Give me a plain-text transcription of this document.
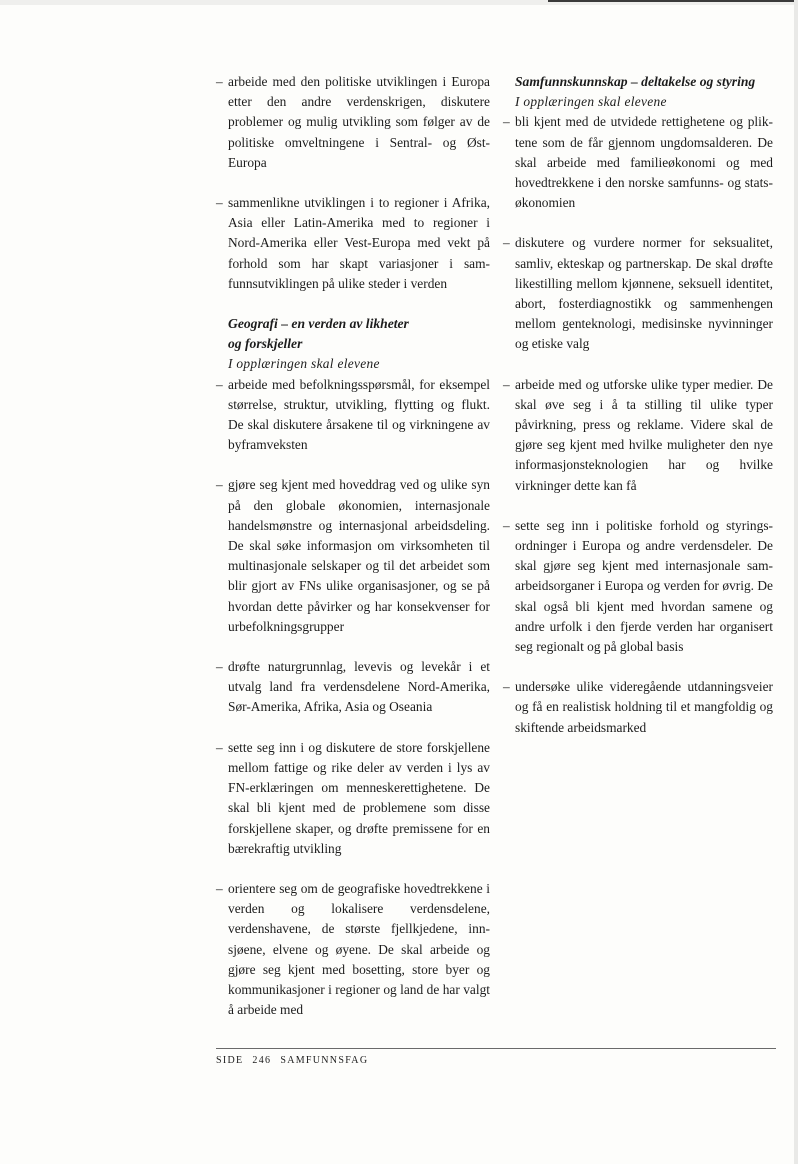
– arbeide med den politiske utviklingen i Europa etter den andre verdenskrigen, diskutere problemer og mulig utvikling som følger av de politiske omveltningene i Sentral- og Øst-Europa

– sammenlikne utviklingen i to regioner i Afrika, Asia eller Latin-Amerika med to regioner i Nord-Amerika eller Vest-Europa med vekt på forhold som har skapt variasjoner i samfunnsutviklingen på ulike steder i verden

Geografi – en verden av likheter
og forskjeller

I opplæringen skal elevene

– arbeide med befolkningsspørsmål, for eksempel størrelse, struktur, utvikling, flytting og flukt. De skal diskutere årsakene til og virkningene av byframveksten

– gjøre seg kjent med hoveddrag ved og ulike syn på den globale økonomien, internasjonale handelsmønstre og internasjonal arbeidsdeling. De skal søke informasjon om virksomheten til multinasjonale selskaper og til det arbeidet som blir gjort av FNs ulike organisasjoner, og se på hvordan dette påvirker og har konsekvenser for urbefolkningsgrupper

– drøfte naturgrunnlag, levevis og levekår i et utvalg land fra verdensdelene Nord-Amerika, Sør-Amerika, Afrika, Asia og Oseania

– sette seg inn i og diskutere de store forskjellene mellom fattige og rike deler av verden i lys av FN-erklæringen om menneskerettighetene. De skal bli kjent med de problemene som disse forskjellene skaper, og drøfte premissene for en bærekraftig utvikling

– orientere seg om de geografiske hovedtrekkene i verden og lokalisere verdensdelene, verdenshavene, de største fjellkjedene, innsjøene, elvene og øyene. De skal arbeide og gjøre seg kjent med bosetting, store byer og kommunikasjoner i regioner og land de har valgt å arbeide med

Samfunnskunnskap – deltakelse og styring

I opplæringen skal elevene

– bli kjent med de utvidede rettighetene og pliktene som de får gjennom ungdomsalderen. De skal arbeide med familieøkonomi og med hovedtrekkene i den norske samfunns- og statsøkonomien

– diskutere og vurdere normer for seksualitet, samliv, ekteskap og partnerskap. De skal drøfte likestilling mellom kjønnene, seksuell identitet, abort, fosterdiagnostikk og sammenhengen mellom genteknologi, medisinske nyvinninger og etiske valg

– arbeide med og utforske ulike typer medier. De skal øve seg i å ta stilling til ulike typer påvirkning, press og reklame. Videre skal de gjøre seg kjent med hvilke muligheter den nye informasjonsteknologien har og hvilke virkninger dette kan få

– sette seg inn i politiske forhold og styringsordninger i Europa og andre verdensdeler. De skal gjøre seg kjent med internasjonale samarbeidsorganer i Europa og verden for øvrig. De skal også bli kjent med hvordan samene og andre urfolk i den fjerde verden har organisert seg regionalt og på global basis

– undersøke ulike videregående utdanningsveier og få en realistisk holdning til et mangfoldig og skiftende arbeidsmarked

SIDE 246 SAMFUNNSFAG
